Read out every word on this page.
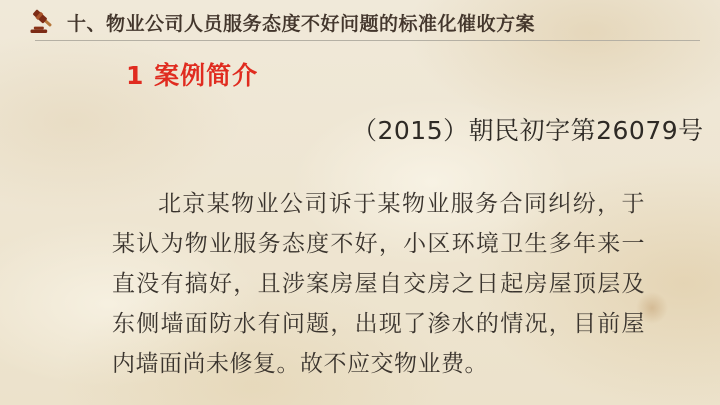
十、物业公司人员服务态度不好问题的标准化催收方案
1 案例简介
（2015）朝民初字第26079号
北京某物业公司诉于某物业服务合同纠纷，于某认为物业服务态度不好，小区环境卫生多年来一直没有搞好，且涉案房屋自交房之日起房屋顶层及东侧墙面防水有问题，出现了渗水的情况，目前屋内墙面尚未修复。故不应交物业费。
